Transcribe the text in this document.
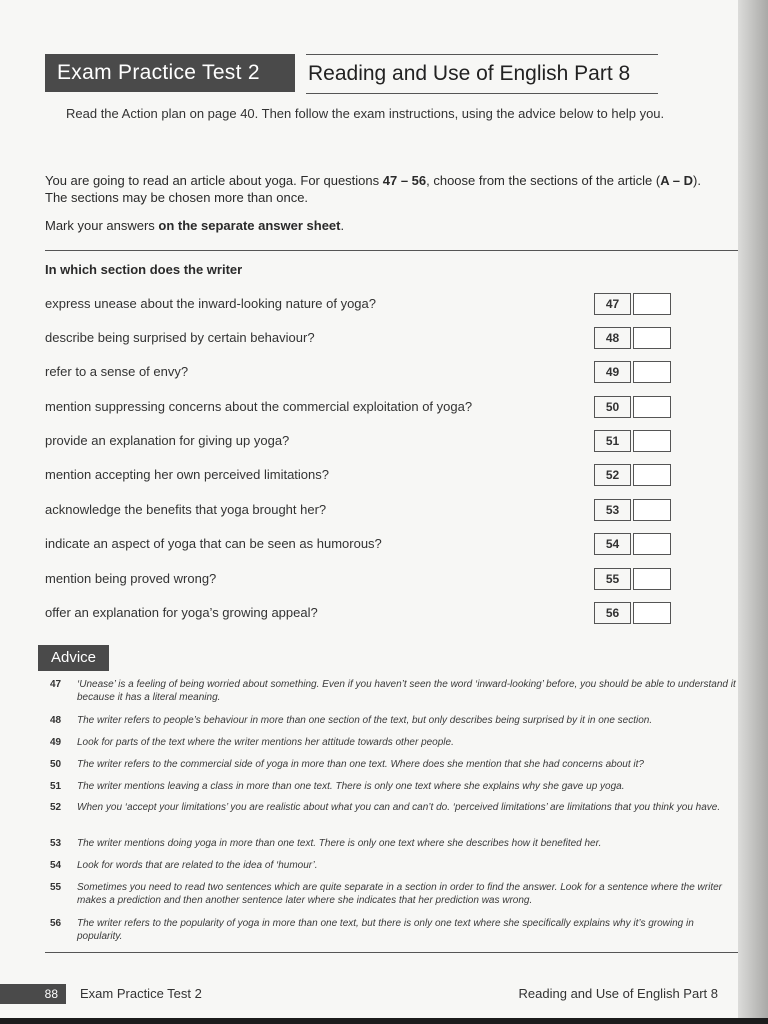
Exam Practice Test 2	Reading and Use of English Part 8
Read the Action plan on page 40. Then follow the exam instructions, using the advice below to help you.
You are going to read an article about yoga. For questions 47 – 56, choose from the sections of the article (A – D).
The sections may be chosen more than once.
Mark your answers on the separate answer sheet.
In which section does the writer
express unease about the inward-looking nature of yoga?	47
describe being surprised by certain behaviour?	48
refer to a sense of envy?	49
mention suppressing concerns about the commercial exploitation of yoga?	50
provide an explanation for giving up yoga?	51
mention accepting her own perceived limitations?	52
acknowledge the benefits that yoga brought her?	53
indicate an aspect of yoga that can be seen as humorous?	54
mention being proved wrong?	55
offer an explanation for yoga’s growing appeal?	56
Advice
47	‘Unease’ is a feeling of being worried about something. Even if you haven’t seen the word ‘inward-looking’ before, you should be able to understand it because it has a literal meaning.
48	The writer refers to people’s behaviour in more than one section of the text, but only describes being surprised by it in one section.
49	Look for parts of the text where the writer mentions her attitude towards other people.
50	The writer refers to the commercial side of yoga in more than one text. Where does she mention that she had concerns about it?
51	The writer mentions leaving a class in more than one text. There is only one text where she explains why she gave up yoga.
52	When you ‘accept your limitations’ you are realistic about what you can and can’t do. ‘perceived limitations’ are limitations that you think you have.
53	The writer mentions doing yoga in more than one text. There is only one text where she describes how it benefited her.
54	Look for words that are related to the idea of ‘humour’.
55	Sometimes you need to read two sentences which are quite separate in a section in order to find the answer. Look for a sentence where the writer makes a prediction and then another sentence later where she indicates that her prediction was wrong.
56	The writer refers to the popularity of yoga in more than one text, but there is only one text where she specifically explains why it’s growing in popularity.
88	Exam Practice Test 2	Reading and Use of English Part 8
